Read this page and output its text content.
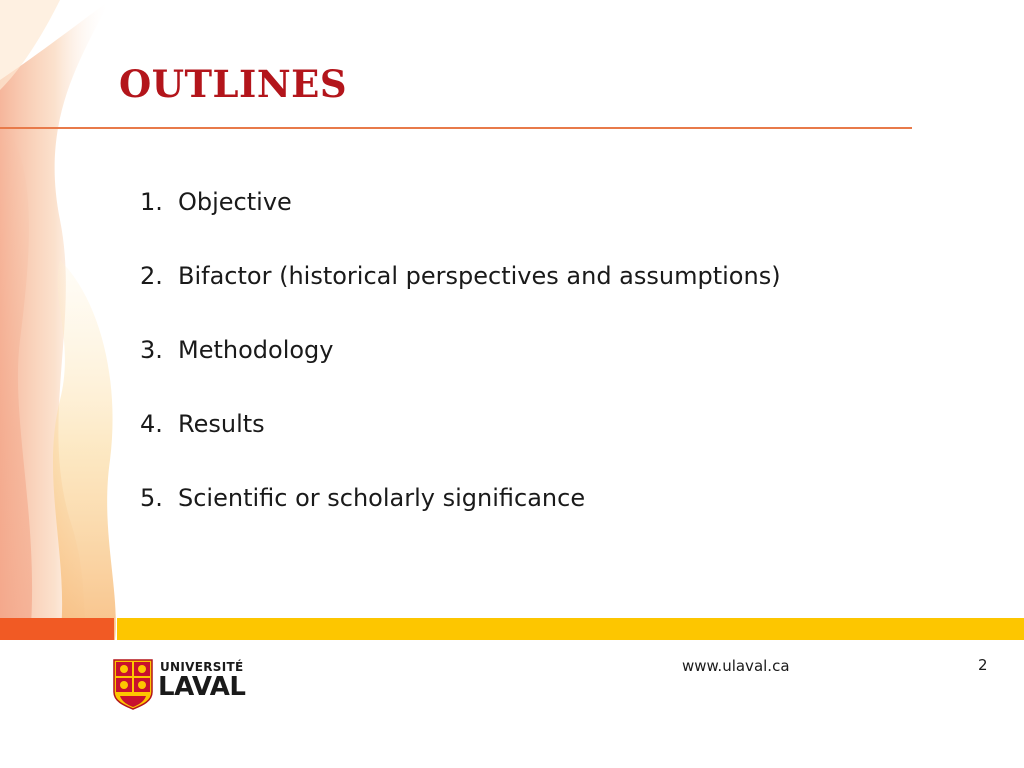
OUTLINES
1. Objective
2. Bifactor (historical perspectives and assumptions)
3. Methodology
4. Results
5. Scientific or scholarly significance
UNIVERSITÉ
LAVAL
www.ulaval.ca	2
